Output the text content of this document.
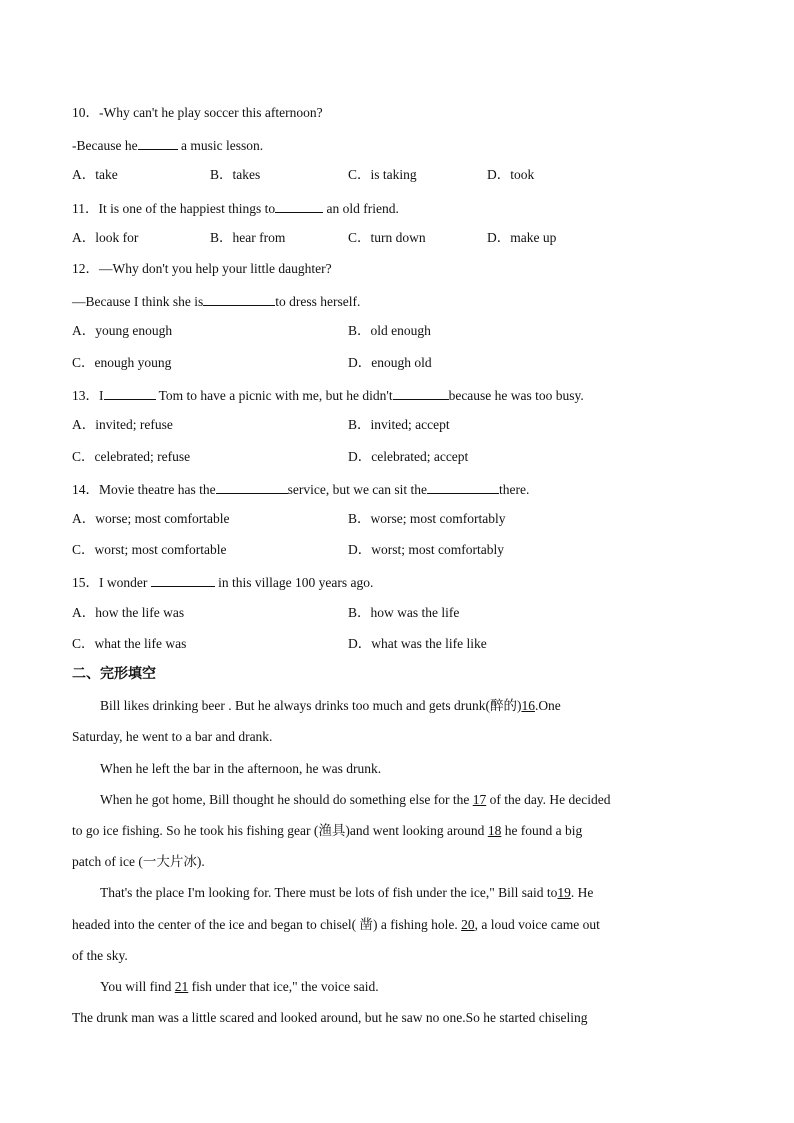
10．-Why can't he play soccer this afternoon?
-Because he	a music lesson.
A．take	B．takes	C．is taking	D．took
11．It is one of the happiest things to	an old friend.
A．look for	B．hear from	C．turn down	D．make up
12．—Why don't you help your little daughter?
—Because I think she is	to dress herself.
A．young enough	B．old enough
C．enough young	D．enough old
13．I	Tom to have a picnic with me, but he didn't	because he was too busy.
A．invited; refuse	B．invited; accept
C．celebrated; refuse	D．celebrated; accept
14．Movie theatre has the	service, but we can sit the	there.
A．worse; most comfortable	B．worse; most comfortably
C．worst; most comfortable	D．worst; most comfortably
15．I wonder	in this village 100 years ago.
A．how the life was	B．how was the life
C．what the life was	D．what was the life like
二、完形填空
Bill likes drinking beer . But he always drinks too much and gets drunk(醉的)16.One
Saturday, he went to a bar and drank.
When he left the bar in the afternoon, he was drunk.
When he got home, Bill thought he should do something else for the 17 of the day. He decided
to go ice fishing. So he took his fishing gear (渔具)and went looking around 18 he found a big
patch of ice (一大片冰).
That's the place I'm looking for. There must be lots of fish under the ice," Bill said to19. He
headed into the center of the ice and began to chisel( 凿) a fishing hole. 20, a loud voice came out
of the sky.
You will find 21 fish under that ice," the voice said.
The drunk man was a little scared and looked around, but he saw no one.So he started chiseling
